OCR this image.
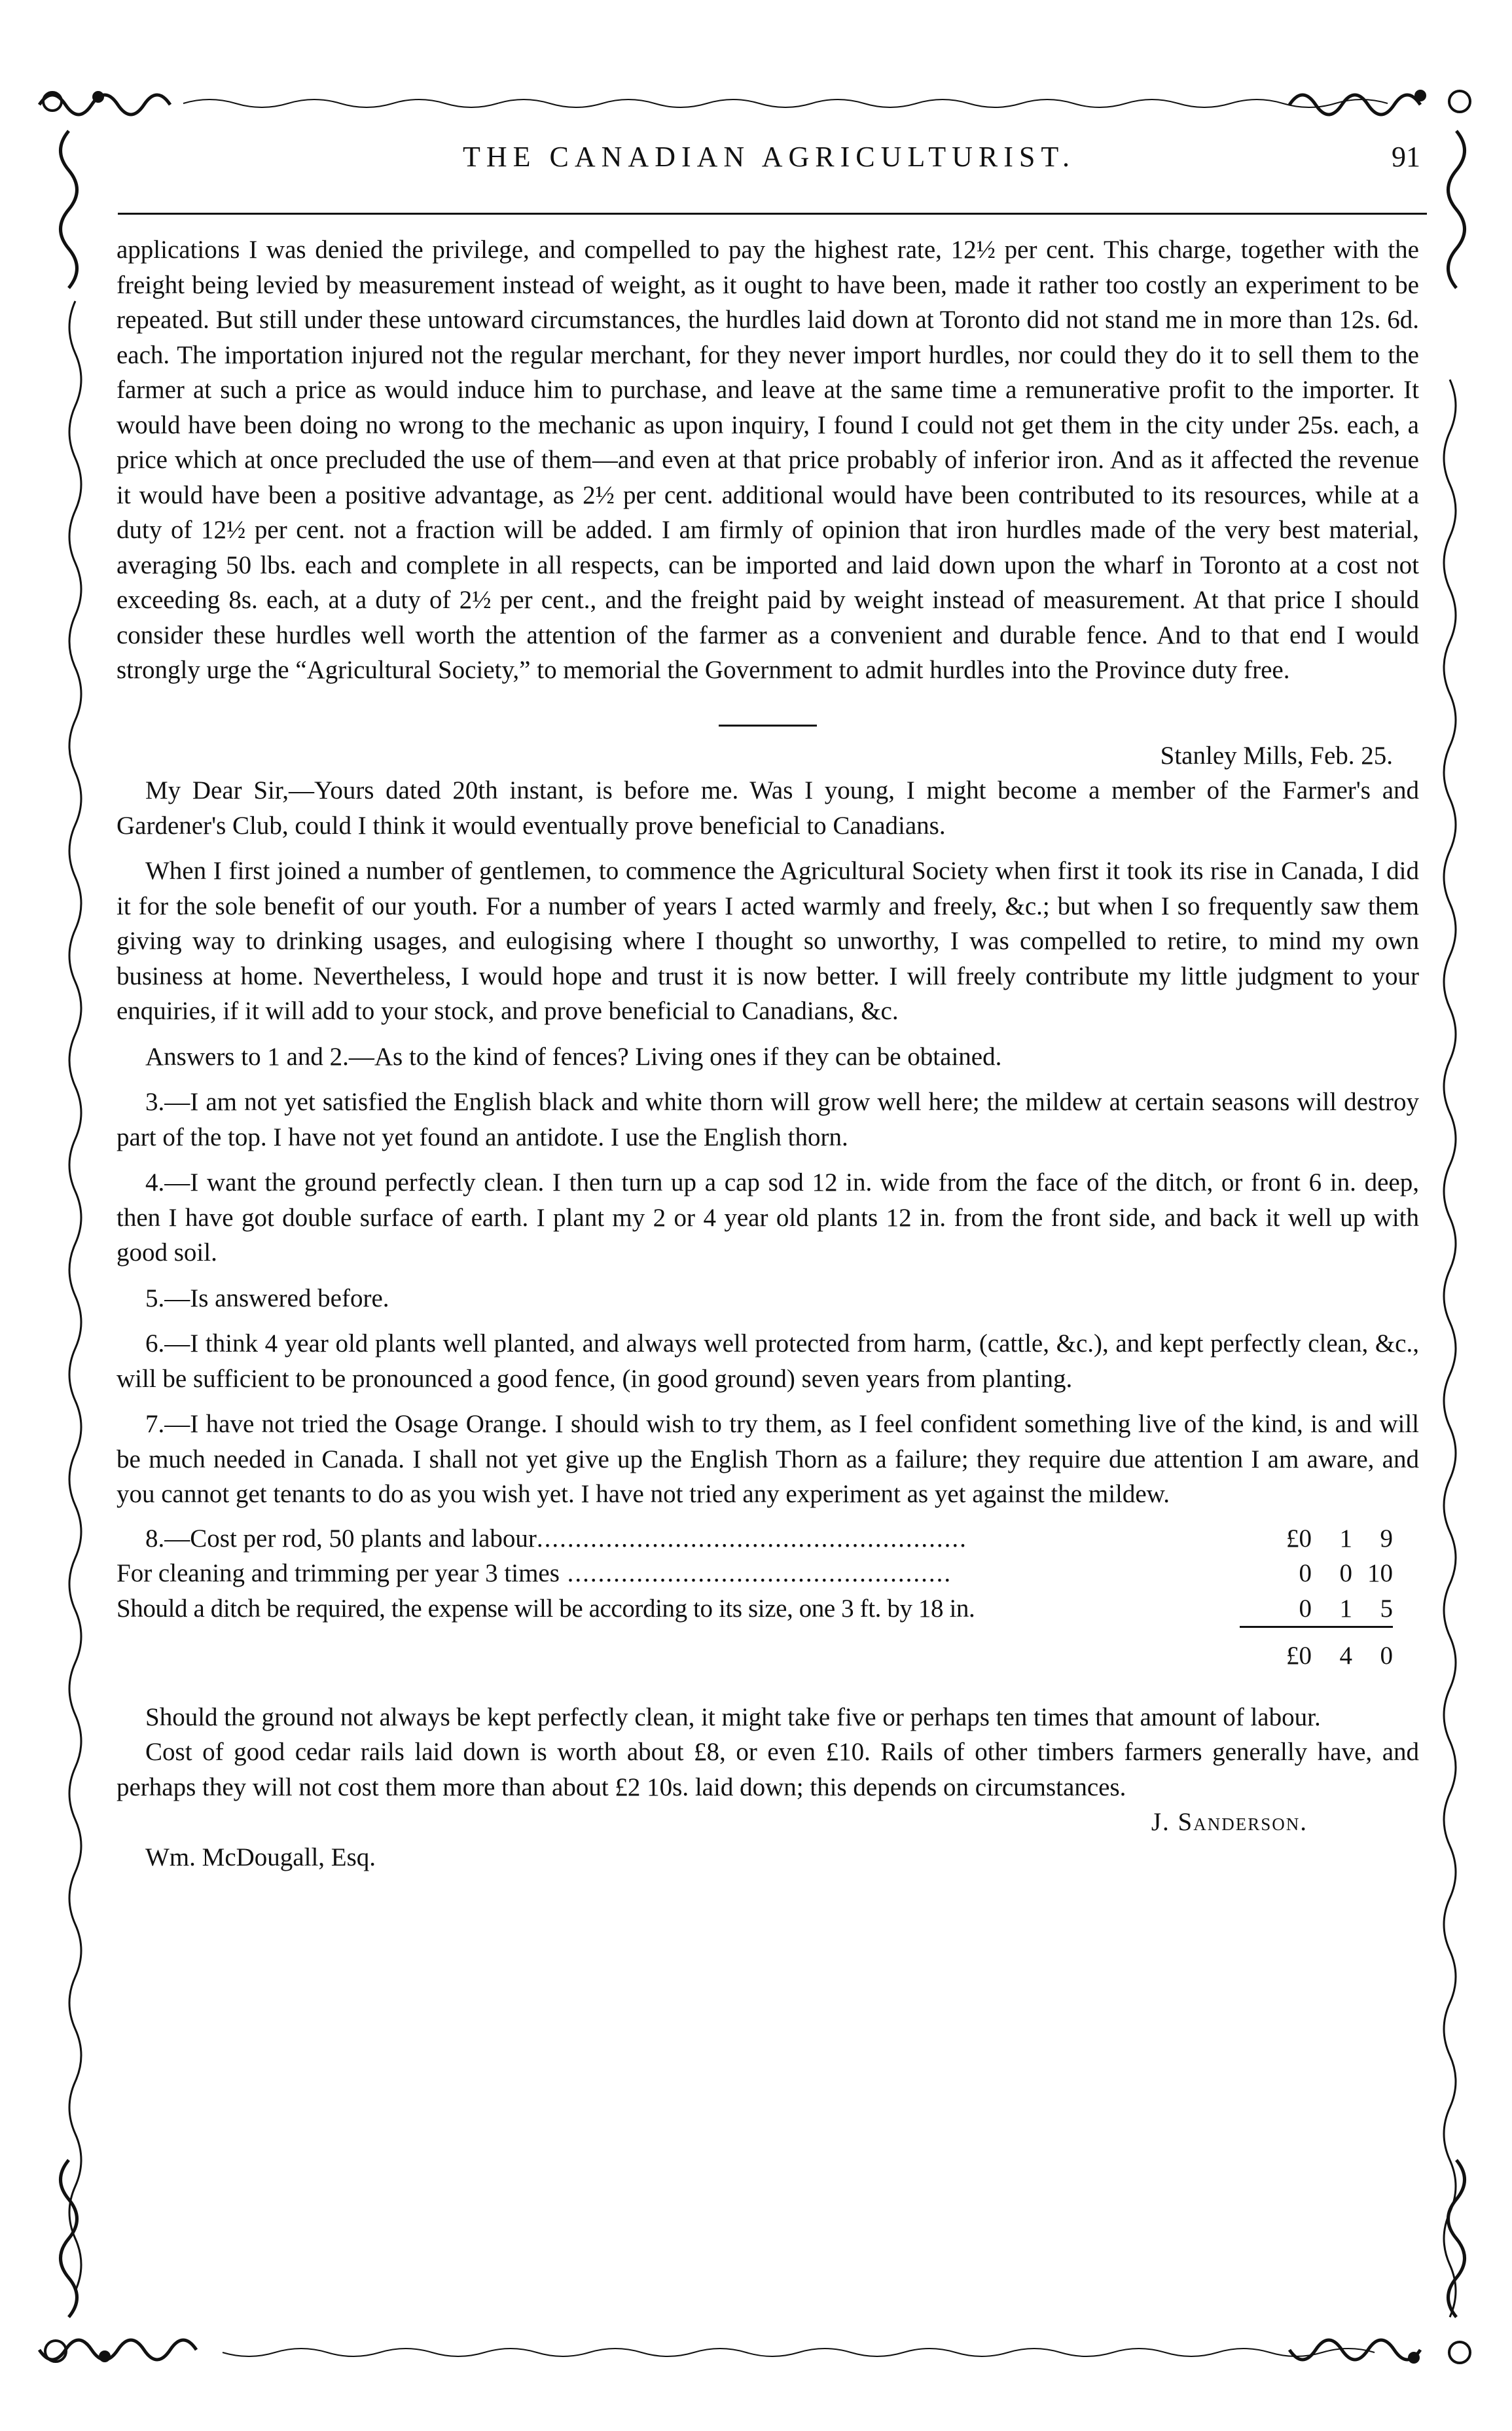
THE CANADIAN AGRICULTURIST.	91

applications I was denied the privilege, and compelled to pay the highest rate, 12½ per cent. This charge, together with the freight being levied by measurement instead of weight, as it ought to have been, made it rather too costly an experiment to be repeated. But still under these untoward circumstances, the hurdles laid down at Toronto did not stand me in more than 12s. 6d. each. The importation injured not the regular merchant, for they never import hurdles, nor could they do it to sell them to the farmer at such a price as would induce him to purchase, and leave at the same time a remunerative profit to the importer. It would have been doing no wrong to the mechanic as upon inquiry, I found I could not get them in the city under 25s. each, a price which at once precluded the use of them—and even at that price probably of inferior iron. And as it affected the revenue it would have been a positive advantage, as 2½ per cent. additional would have been contributed to its resources, while at a duty of 12½ per cent. not a fraction will be added. I am firmly of opinion that iron hurdles made of the very best material, averaging 50 lbs. each and complete in all respects, can be imported and laid down upon the wharf in Toronto at a cost not exceeding 8s. each, at a duty of 2½ per cent., and the freight paid by weight instead of measurement. At that price I should consider these hurdles well worth the attention of the farmer as a convenient and durable fence. And to that end I would strongly urge the “Agricultural Society,” to memorial the Government to admit hurdles into the Province duty free.

Stanley Mills, Feb. 25.

My Dear Sir,—Yours dated 20th instant, is before me. Was I young, I might become a member of the Farmer's and Gardener's Club, could I think it would eventually prove beneficial to Canadians.

When I first joined a number of gentlemen, to commence the Agricultural Society when first it took its rise in Canada, I did it for the sole benefit of our youth. For a number of years I acted warmly and freely, &c.; but when I so frequently saw them giving way to drinking usages, and eulogising where I thought so unworthy, I was compelled to retire, to mind my own business at home. Nevertheless, I would hope and trust it is now better. I will freely contribute my little judgment to your enquiries, if it will add to your stock, and prove beneficial to Canadians, &c.

Answers to 1 and 2.—As to the kind of fences? Living ones if they can be obtained.

3.—I am not yet satisfied the English black and white thorn will grow well here; the mildew at certain seasons will destroy part of the top. I have not yet found an antidote. I use the English thorn.

4.—I want the ground perfectly clean. I then turn up a cap sod 12 in. wide from the face of the ditch, or front 6 in. deep, then I have got double surface of earth. I plant my 2 or 4 year old plants 12 in. from the front side, and back it well up with good soil.

5.—Is answered before.

6.—I think 4 year old plants well planted, and always well protected from harm, (cattle, &c.), and kept perfectly clean, &c., will be sufficient to be pronounced a good fence, (in good ground) seven years from planting.

7.—I have not tried the Osage Orange. I should wish to try them, as I feel confident something live of the kind, is and will be much needed in Canada. I shall not yet give up the English Thorn as a failure; they require due attention I am aware, and you cannot get tenants to do as you wish yet. I have not tried any experiment as yet against the mildew.

8.—Cost per rod, 50 plants and labour........................................................	£0	1	9	
For cleaning and trimming per year 3 times ..................................................	0	0	10	
Should a ditch be required, the expense will be according to its size, one 3 ft. by 18 in.	0	1	5	

	£0	4	0	

Should the ground not always be kept perfectly clean, it might take five or perhaps ten times that amount of labour.

Cost of good cedar rails laid down is worth about £8, or even £10. Rails of other timbers farmers generally have, and perhaps they will not cost them more than about £2 10s. laid down; this depends on circumstances.

J. Sanderson.

Wm. McDougall, Esq.
